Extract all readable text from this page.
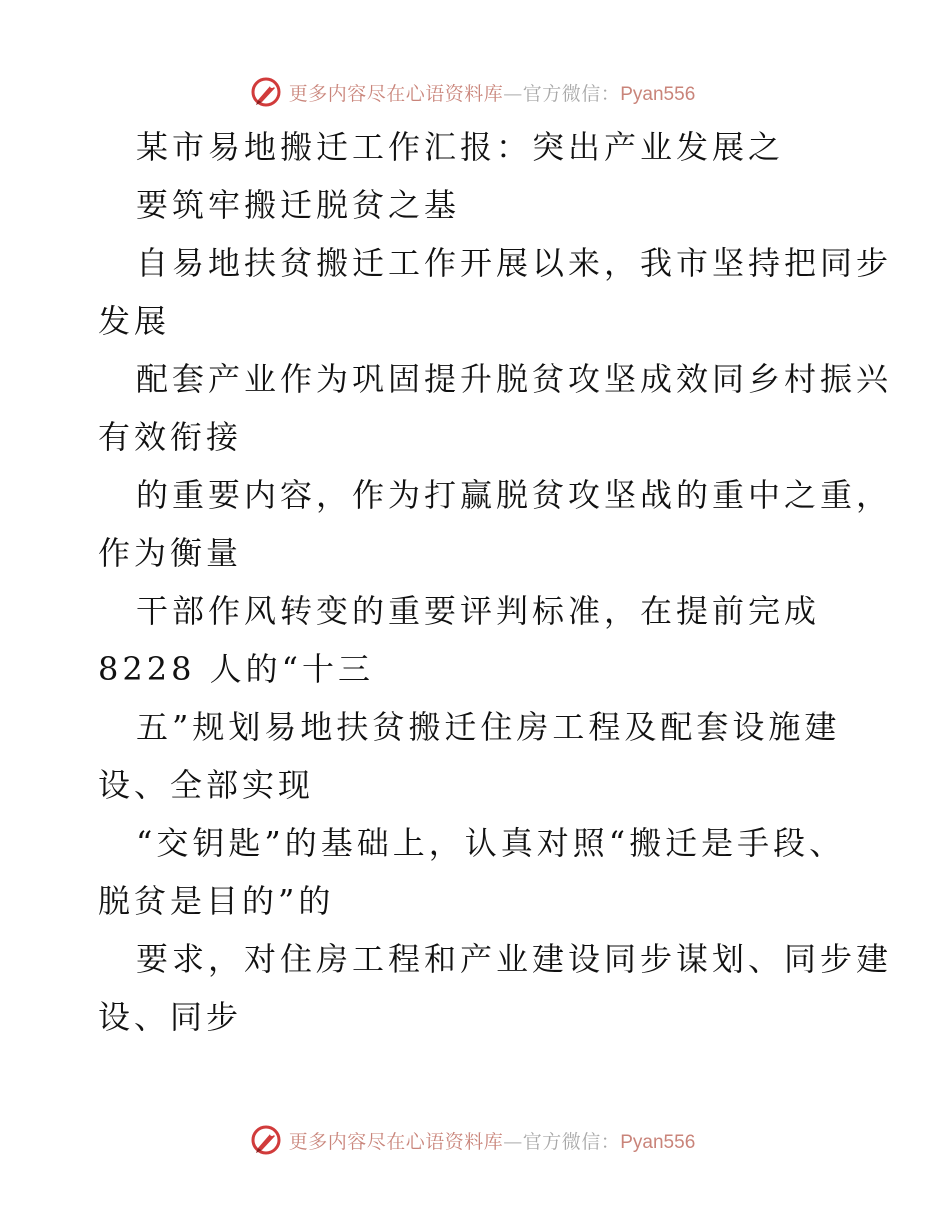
更多内容尽在心语资料库—官方微信：Pyan556
某市易地搬迁工作汇报：突出产业发展之
要筑牢搬迁脱贫之基
自易地扶贫搬迁工作开展以来，我市坚持把同步
发展
配套产业作为巩固提升脱贫攻坚成效同乡村振兴
有效衔接
的重要内容，作为打赢脱贫攻坚战的重中之重，
作为衡量
干部作风转变的重要评判标准，在提前完成
8228 人的“十三
五”规划易地扶贫搬迁住房工程及配套设施建
设、全部实现
“交钥匙”的基础上，认真对照“搬迁是手段、
脱贫是目的”的
要求，对住房工程和产业建设同步谋划、同步建
设、同步
更多内容尽在心语资料库—官方微信：Pyan556
